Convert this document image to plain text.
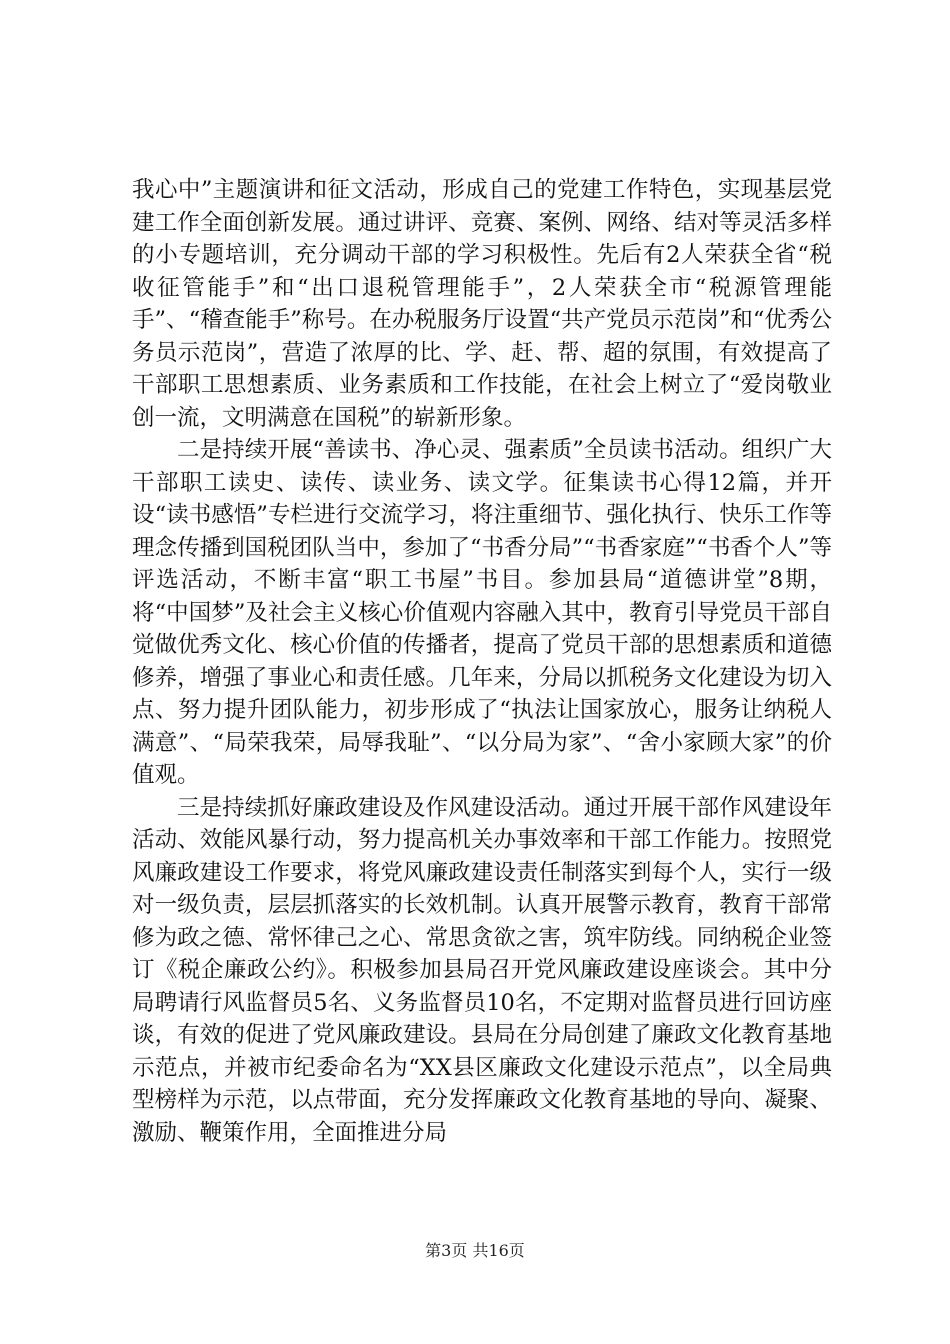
我心中”主题演讲和征文活动，形成自己的党建工作特色，实现基层党建工作全面创新发展。通过讲评、竞赛、案例、网络、结对等灵活多样的小专题培训，充分调动干部的学习积极性。先后有2人荣获全省“税收征管能手”和“出口退税管理能手”，2人荣获全市“税源管理能手”、“稽查能手”称号。在办税服务厅设置“共产党员示范岗”和“优秀公务员示范岗”，营造了浓厚的比、学、赶、帮、超的氛围，有效提高了干部职工思想素质、业务素质和工作技能，在社会上树立了“爱岗敬业创一流，文明满意在国税”的崭新形象。

二是持续开展“善读书、净心灵、强素质”全员读书活动。组织广大干部职工读史、读传、读业务、读文学。征集读书心得12篇，并开设“读书感悟”专栏进行交流学习，将注重细节、强化执行、快乐工作等理念传播到国税团队当中，参加了“书香分局”“书香家庭”“书香个人”等评选活动，不断丰富“职工书屋”书目。参加县局“道德讲堂”8期，将“中国梦”及社会主义核心价值观内容融入其中，教育引导党员干部自觉做优秀文化、核心价值的传播者，提高了党员干部的思想素质和道德修养，增强了事业心和责任感。几年来，分局以抓税务文化建设为切入点、努力提升团队能力，初步形成了“执法让国家放心，服务让纳税人满意”、“局荣我荣，局辱我耻”、“以分局为家”、“舍小家顾大家”的价值观。

三是持续抓好廉政建设及作风建设活动。通过开展干部作风建设年活动、效能风暴行动，努力提高机关办事效率和干部工作能力。按照党风廉政建设工作要求，将党风廉政建设责任制落实到每个人，实行一级对一级负责，层层抓落实的长效机制。认真开展警示教育，教育干部常修为政之德、常怀律己之心、常思贪欲之害，筑牢防线。同纳税企业签订《税企廉政公约》。积极参加县局召开党风廉政建设座谈会。其中分局聘请行风监督员5名、义务监督员10名，不定期对监督员进行回访座谈，有效的促进了党风廉政建设。县局在分局创建了廉政文化教育基地示范点，并被市纪委命名为“XX县区廉政文化建设示范点”，以全局典型榜样为示范，以点带面，充分发挥廉政文化教育基地的导向、凝聚、激励、鞭策作用，全面推进分局

第3页 共16页
